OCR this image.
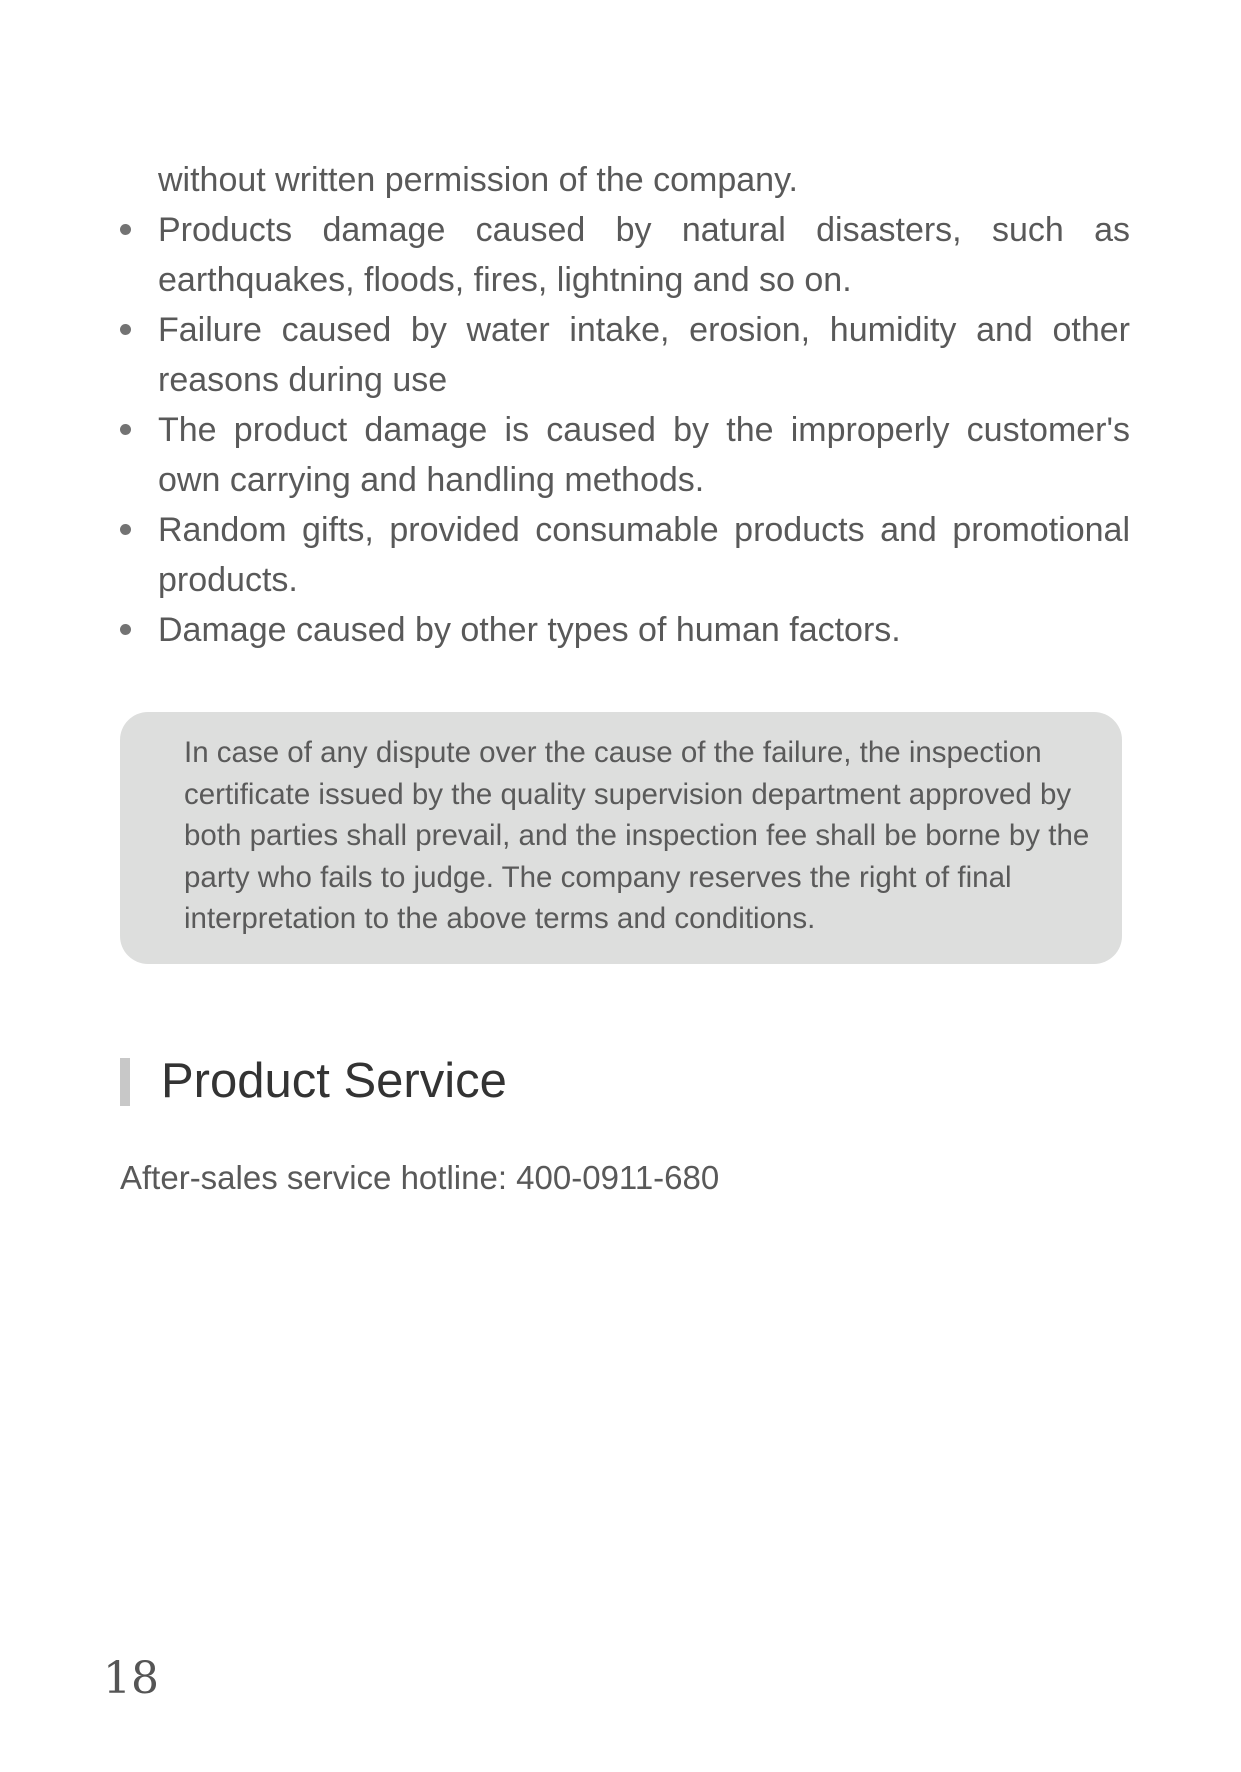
without written permission of the company.

Products damage caused by natural disasters, such as earthquakes, floods, fires, lightning and so on.
Failure caused by water intake, erosion, humidity and other reasons during use
The product damage is caused by the improperly customer's own carrying and handling methods.
Random gifts, provided consumable products and promotional products.
Damage caused by other types of human factors.

In case of any dispute over the cause of the failure, the inspection certificate issued by the quality supervision department approved by both parties shall prevail, and the inspection fee shall be borne by the party who fails to judge. The company reserves the right of final interpretation to the above terms and conditions.

Product Service

After-sales service hotline: 400-0911-680

18
